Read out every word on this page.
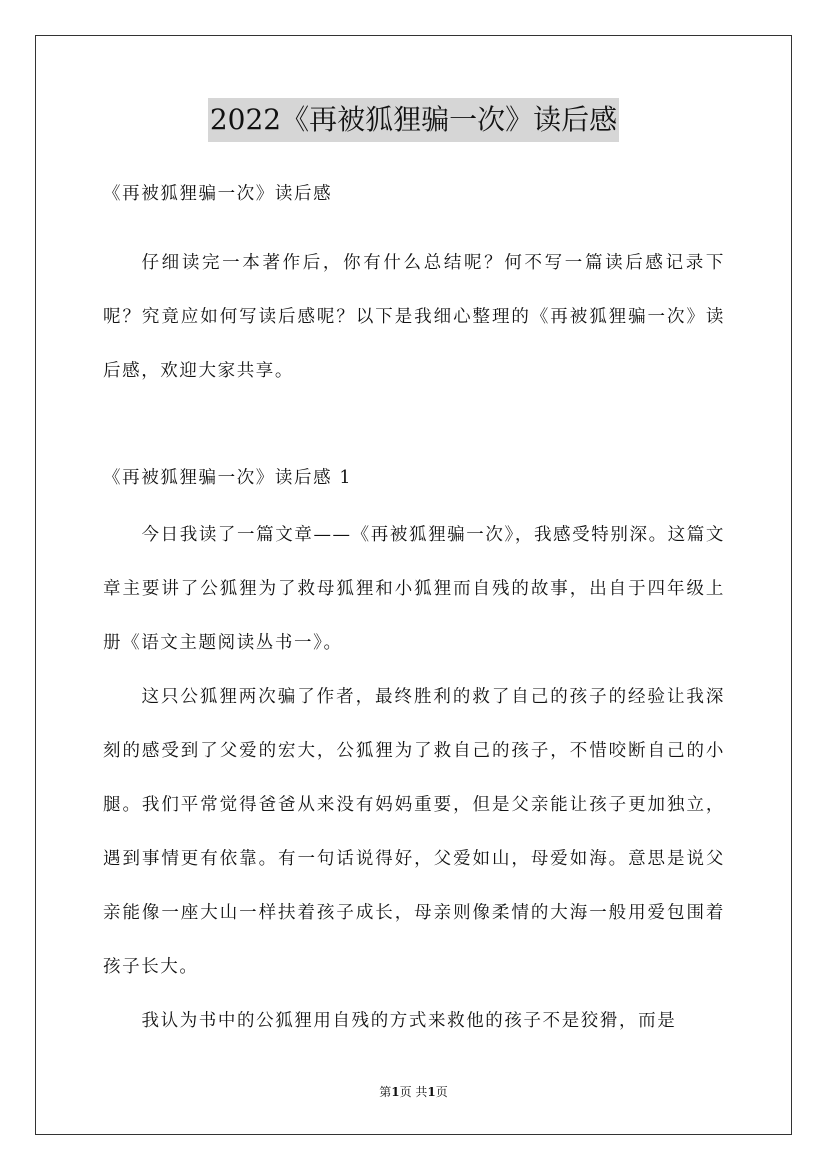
2022《再被狐狸骗一次》读后感

《再被狐狸骗一次》读后感

仔细读完一本著作后，你有什么总结呢？何不写一篇读后感记录下呢？究竟应如何写读后感呢？以下是我细心整理的《再被狐狸骗一次》读后感，欢迎大家共享。

《再被狐狸骗一次》读后感 1

今日我读了一篇文章——《再被狐狸骗一次》，我感受特别深。这篇文章主要讲了公狐狸为了救母狐狸和小狐狸而自残的故事，出自于四年级上册《语文主题阅读丛书一》。

这只公狐狸两次骗了作者，最终胜利的救了自己的孩子的经验让我深刻的感受到了父爱的宏大，公狐狸为了救自己的孩子，不惜咬断自己的小腿。我们平常觉得爸爸从来没有妈妈重要，但是父亲能让孩子更加独立，遇到事情更有依靠。有一句话说得好，父爱如山，母爱如海。意思是说父亲能像一座大山一样扶着孩子成长，母亲则像柔情的大海一般用爱包围着孩子长大。

我认为书中的公狐狸用自残的方式来救他的孩子不是狡猾，而是

第1页 共1页
